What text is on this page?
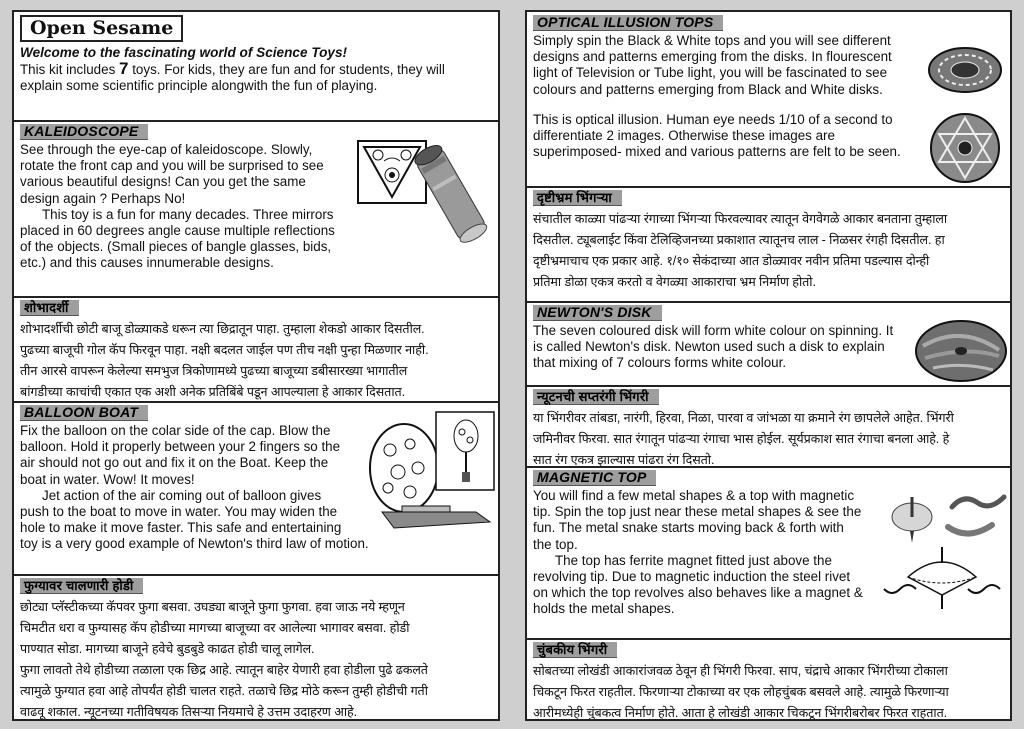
Open Sesame
Welcome to the fascinating world of Science Toys!

This kit includes 7 toys. For kids, they are fun and for students, they will

explain some scientific principle alongwith the fun of playing.

KALEIDOSCOPE

See through the eye-cap of kaleidoscope. Slowly,

rotate the front cap and you will be surprised to see

various beautiful designs! Can you get the same

design again ? Perhaps No!

This toy is a fun for many decades. Three mirrors

placed in 60 degrees angle cause multiple reflections

of the objects. (Small pieces of bangle glasses, bids,

etc.) and this causes innumerable designs.

शोभादर्शी

शोभादर्शीची छोटी बाजू डोळ्याकडे धरून त्या छिद्रातून पाहा. तुम्हाला शेकडो आकार दिसतील.

पुढच्या बाजूची गोल कॅप फिरवून पाहा. नक्षी बदलत जाईल पण तीच नक्षी पुन्हा मिळणार नाही.

तीन आरसे वापरून केलेल्या समभुज त्रिकोणामध्ये पुढच्या बाजूच्या डबीसारख्या भागातील

बांगडीच्या काचांची एकात एक अशी अनेक प्रतिबिंबे पडून आपल्याला हे आकार दिसतात.

BALLOON BOAT

Fix the balloon on the colar side of the cap. Blow the

balloon. Hold it properly between your 2 fingers so the

air should not go out and fix it on the Boat. Keep the

boat in water. Wow! It moves!

Jet action of the air coming out of balloon gives

push to the boat to move in water. You may widen the

hole to make it move faster. This safe and entertaining

toy is a very good example of Newton's third law of motion.

फुग्यावर चालणारी होडी

छोट्या प्लॅस्टीकच्या कॅपवर फुगा बसवा. उघड्या बाजूने फुगा फुगवा. हवा जाऊ नये म्हणून

चिमटीत धरा व फुग्यासह कॅप होडीच्या मागच्या बाजूच्या वर आलेल्या भागावर बसवा. होडी

पाण्यात सोडा. मागच्या बाजूने हवेचे बुडबुडे काढत होडी चालू लागेल.

फुगा लावतो तेथे होडीच्या तळाला एक छिद्र आहे. त्यातून बाहेर येणारी हवा होडीला पुढे ढकलते

त्यामुळे फुग्यात हवा आहे तोपर्यंत होडी चालत राहते. तळाचे छिद्र मोठे करून तुम्ही होडीची गती

वाढवू शकाल. न्यूटनच्या गतीविषयक तिसऱ्या नियमाचे हे उत्तम उदाहरण आहे.

OPTICAL ILLUSION TOPS

Simply spin the Black & White tops and you will see different

designs and patterns emerging from the disks. In flourescent

light of Television or Tube light, you will be fascinated to see

colours and patterns emerging from Black and White disks.

This is optical illusion. Human eye needs 1/10 of a second to

differentiate 2 images. Otherwise these images are

superimposed- mixed and various patterns are felt to be seen.

दृष्टीभ्रम भिंगऱ्या

संचातील काळ्या पांढऱ्या रंगाच्या भिंगऱ्या फिरवल्यावर त्यातून वेगवेगळे आकार बनताना तुम्हाला

दिसतील. ट्यूबलाईट किंवा टेलिव्हिजनच्या प्रकाशात त्यातूनच लाल - निळसर रंगही दिसतील. हा

दृष्टीभ्रमाचाच एक प्रकार आहे. १/१० सेकंदाच्या आत डोळ्यावर नवीन प्रतिमा पडल्यास दोन्ही

प्रतिमा डोळा एकत्र करतो व वेगळ्या आकाराचा भ्रम निर्माण होतो.

NEWTON'S DISK

The seven coloured disk will form white colour on spinning. It

is called Newton's disk. Newton used such a disk to explain

that mixing of 7 colours forms white colour.

न्यूटनची सप्तरंगी भिंगरी

या भिंगरीवर तांबडा, नारंगी, हिरवा, निळा, पारवा व जांभळा या क्रमाने रंग छापलेले आहेत. भिंगरी

जमिनीवर फिरवा. सात रंगातून पांढऱ्या रंगाचा भास होईल. सूर्यप्रकाश सात रंगाचा बनला आहे. हे

सात रंग एकत्र झाल्यास पांढरा रंग दिसतो.

MAGNETIC TOP

You will find a few metal shapes & a top with magnetic

tip. Spin the top just near these metal shapes & see the

fun. The metal snake starts moving back & forth with

the top.

The top has ferrite magnet fitted just above the

revolving tip. Due to magnetic induction the steel rivet

on which the top revolves also behaves like a magnet &

holds the metal shapes.

चुंबकीय भिंगरी

सोबतच्या लोखंडी आकारांजवळ ठेवून ही भिंगरी फिरवा. साप, चंद्राचे आकार भिंगरीच्या टोकाला

चिकटून फिरत राहतील. फिरणाऱ्या टोकाच्या वर एक लोहचुंबक बसवले आहे. त्यामुळे फिरणाऱ्या

आरीमध्येही चुंबकत्व निर्माण होते. आता हे लोखंडी आकार चिकटून भिंगरीबरोबर फिरत राहतात.
